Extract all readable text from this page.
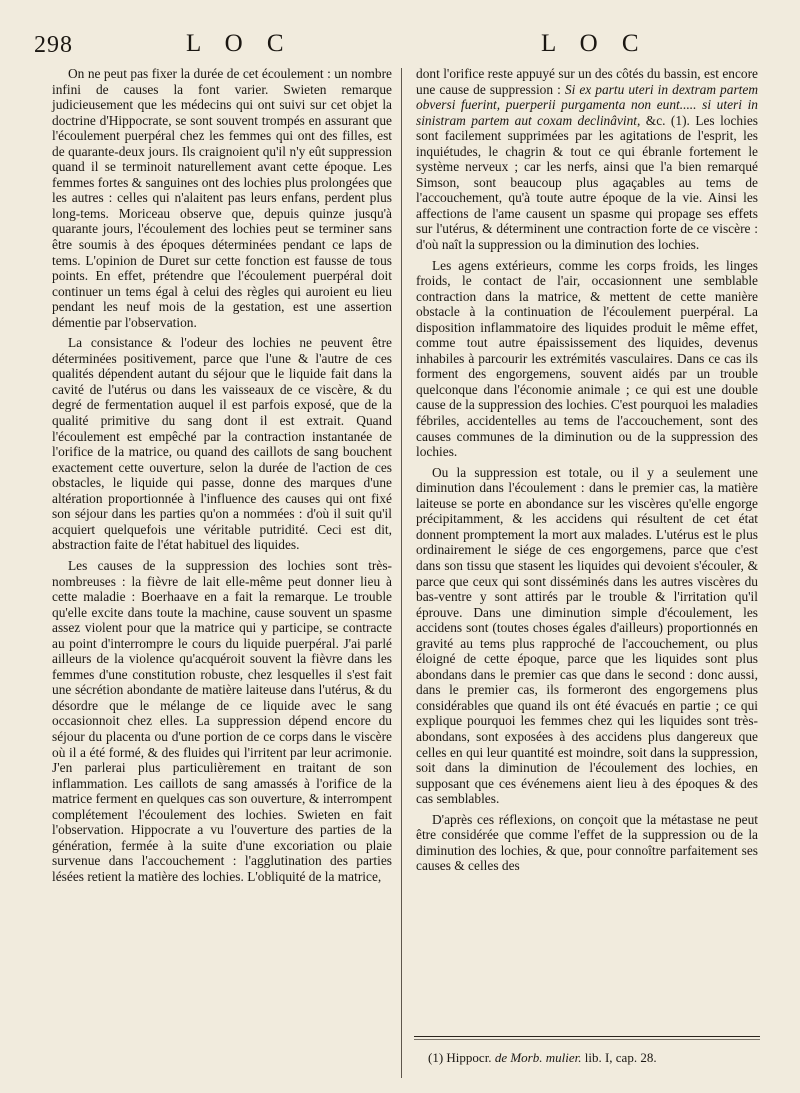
298	L O C	L O C

On ne peut pas fixer la durée de cet écoulement : un nombre infini de causes la font varier. Swieten remarque judicieusement que les médecins qui ont suivi sur cet objet la doctrine d'Hippocrate, se sont souvent trompés en assurant que l'écoulement puerpéral chez les femmes qui ont des filles, est de quarante-deux jours. Ils craignoient qu'il n'y eût suppression quand il se terminoit naturellement avant cette époque. Les femmes fortes & sanguines ont des lochies plus prolongées que les autres : celles qui n'alaitent pas leurs enfans, perdent plus long-tems. Moriceau observe que, depuis quinze jusqu'à quarante jours, l'écoulement des lochies peut se terminer sans être soumis à des époques déterminées pendant ce laps de tems. L'opinion de Duret sur cette fonction est fausse de tous points. En effet, prétendre que l'écoulement puerpéral doit continuer un tems égal à celui des règles qui auroient eu lieu pendant les neuf mois de la gestation, est une assertion démentie par l'observation.

La consistance & l'odeur des lochies ne peuvent être déterminées positivement, parce que l'une & l'autre de ces qualités dépendent autant du séjour que le liquide fait dans la cavité de l'utérus ou dans les vaisseaux de ce viscère, & du degré de fermentation auquel il est parfois exposé, que de la qualité primitive du sang dont il est extrait. Quand l'écoulement est empêché par la contraction instantanée de l'orifice de la matrice, ou quand des caillots de sang bouchent exactement cette ouverture, selon la durée de l'action de ces obstacles, le liquide qui passe, donne des marques d'une altération proportionnée à l'influence des causes qui ont fixé son séjour dans les parties qu'on a nommées : d'où il suit qu'il acquiert quelquefois une véritable putridité. Ceci est dit, abstraction faite de l'état habituel des liquides.

Les causes de la suppression des lochies sont très-nombreuses : la fièvre de lait elle-même peut donner lieu à cette maladie : Boerhaave en a fait la remarque. Le trouble qu'elle excite dans toute la machine, cause souvent un spasme assez violent pour que la matrice qui y participe, se contracte au point d'interrompre le cours du liquide puerpéral. J'ai parlé ailleurs de la violence qu'acquéroit souvent la fièvre dans les femmes d'une constitution robuste, chez lesquelles il s'est fait une sécrétion abondante de matière laiteuse dans l'utérus, & du désordre que le mélange de ce liquide avec le sang occasionnoit chez elles. La suppression dépend encore du séjour du placenta ou d'une portion de ce corps dans le viscère où il a été formé, & des fluides qui l'irritent par leur acrimonie. J'en parlerai plus particulièrement en traitant de son inflammation. Les caillots de sang amassés à l'orifice de la matrice ferment en quelques cas son ouverture, & interrompent complétement l'écoulement des lochies. Swieten en fait l'observation. Hippocrate a vu l'ouverture des parties de la génération, fermée à la suite d'une excoriation ou plaie survenue dans l'accouchement : l'agglutination des parties lésées retient la matière des lochies. L'obliquité de la matrice,

dont l'orifice reste appuyé sur un des côtés du bassin, est encore une cause de suppression : Si ex partu uteri in dextram partem obversi fuerint, puerperii purgamenta non eunt..... si uteri in sinistram partem aut coxam declinâvint, &c. (1). Les lochies sont facilement supprimées par les agitations de l'esprit, les inquiétudes, le chagrin & tout ce qui ébranle fortement le système nerveux ; car les nerfs, ainsi que l'a bien remarqué Simson, sont beaucoup plus agaçables au tems de l'accouchement, qu'à toute autre époque de la vie. Ainsi les affections de l'ame causent un spasme qui propage ses effets sur l'utérus, & déterminent une contraction forte de ce viscère : d'où naît la suppression ou la diminution des lochies.

Les agens extérieurs, comme les corps froids, les linges froids, le contact de l'air, occasionnent une semblable contraction dans la matrice, & mettent de cette manière obstacle à la continuation de l'écoulement puerpéral. La disposition inflammatoire des liquides produit le même effet, comme tout autre épaississement des liquides, devenus inhabiles à parcourir les extrémités vasculaires. Dans ce cas ils forment des engorgemens, souvent aidés par un trouble quelconque dans l'économie animale ; ce qui est une double cause de la suppression des lochies. C'est pourquoi les maladies fébriles, accidentelles au tems de l'accouchement, sont des causes communes de la diminution ou de la suppression des lochies.

Ou la suppression est totale, ou il y a seulement une diminution dans l'écoulement : dans le premier cas, la matière laiteuse se porte en abondance sur les viscères qu'elle engorge précipitamment, & les accidens qui résultent de cet état donnent promptement la mort aux malades. L'utérus est le plus ordinairement le siége de ces engorgemens, parce que c'est dans son tissu que stasent les liquides qui devoient s'écouler, & parce que ceux qui sont disséminés dans les autres viscères du bas-ventre y sont attirés par le trouble & l'irritation qu'il éprouve. Dans une diminution simple d'écoulement, les accidens sont (toutes choses égales d'ailleurs) proportionnés en gravité au tems plus rapproché de l'accouchement, ou plus éloigné de cette époque, parce que les liquides sont plus abondans dans le premier cas que dans le second : donc aussi, dans le premier cas, ils formeront des engorgemens plus considérables que quand ils ont été évacués en partie ; ce qui explique pourquoi les femmes chez qui les liquides sont très-abondans, sont exposées à des accidens plus dangereux que celles en qui leur quantité est moindre, soit dans la suppression, soit dans la diminution de l'écoulement des lochies, en supposant que ces événemens aient lieu à des époques & des cas semblables.

D'après ces réflexions, on conçoit que la métastase ne peut être considérée que comme l'effet de la suppression ou de la diminution des lochies, & que, pour connoître parfaitement ses causes & celles des

(1) Hippocr. de Morb. mulier. lib. I, cap. 28.
